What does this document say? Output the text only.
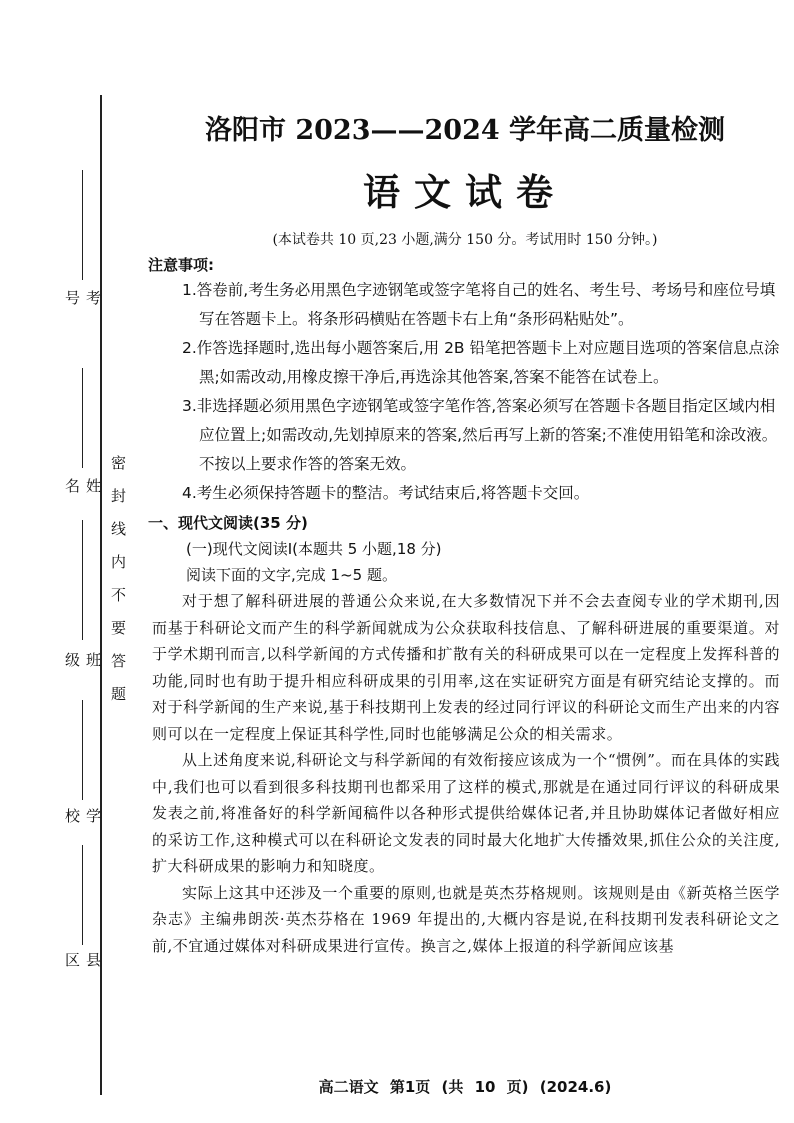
考号
姓名
班级
学校
县区
密封线内不要答题
洛阳市 2023——2024 学年高二质量检测
语文试卷
(本试卷共 10 页,23 小题,满分 150 分。考试用时 150 分钟。)
注意事项:

1.答卷前,考生务必用黑色字迹钢笔或签字笔将自己的姓名、考生号、考场号和座位号填写在答题卡上。将条形码横贴在答题卡右上角“条形码粘贴处”。

2.作答选择题时,选出每小题答案后,用 2B 铅笔把答题卡上对应题目选项的答案信息点涂黑;如需改动,用橡皮擦干净后,再选涂其他答案,答案不能答在试卷上。

3.非选择题必须用黑色字迹钢笔或签字笔作答,答案必须写在答题卡各题目指定区域内相应位置上;如需改动,先划掉原来的答案,然后再写上新的答案;不准使用铅笔和涂改液。不按以上要求作答的答案无效。

4.考生必须保持答题卡的整洁。考试结束后,将答题卡交回。

一、现代文阅读(35 分)
(一)现代文阅读Ⅰ(本题共 5 小题,18 分)
阅读下面的文字,完成 1~5 题。

对于想了解科研进展的普通公众来说,在大多数情况下并不会去查阅专业的学术期刊,因而基于科研论文而产生的科学新闻就成为公众获取科技信息、了解科研进展的重要渠道。对于学术期刊而言,以科学新闻的方式传播和扩散有关的科研成果可以在一定程度上发挥科普的功能,同时也有助于提升相应科研成果的引用率,这在实证研究方面是有研究结论支撑的。而对于科学新闻的生产来说,基于科技期刊上发表的经过同行评议的科研论文而生产出来的内容则可以在一定程度上保证其科学性,同时也能够满足公众的相关需求。

从上述角度来说,科研论文与科学新闻的有效衔接应该成为一个“惯例”。而在具体的实践中,我们也可以看到很多科技期刊也都采用了这样的模式,那就是在通过同行评议的科研成果发表之前,将准备好的科学新闻稿件以各种形式提供给媒体记者,并且协助媒体记者做好相应的采访工作,这种模式可以在科研论文发表的同时最大化地扩大传播效果,抓住公众的关注度,扩大科研成果的影响力和知晓度。

实际上这其中还涉及一个重要的原则,也就是英杰芬格规则。该规则是由《新英格兰医学杂志》主编弗朗茨·英杰芬格在 1969 年提出的,大概内容是说,在科技期刊发表科研论文之前,不宜通过媒体对科研成果进行宣传。换言之,媒体上报道的科学新闻应该基

高二语文 第1页 (共 10 页) (2024.6)
